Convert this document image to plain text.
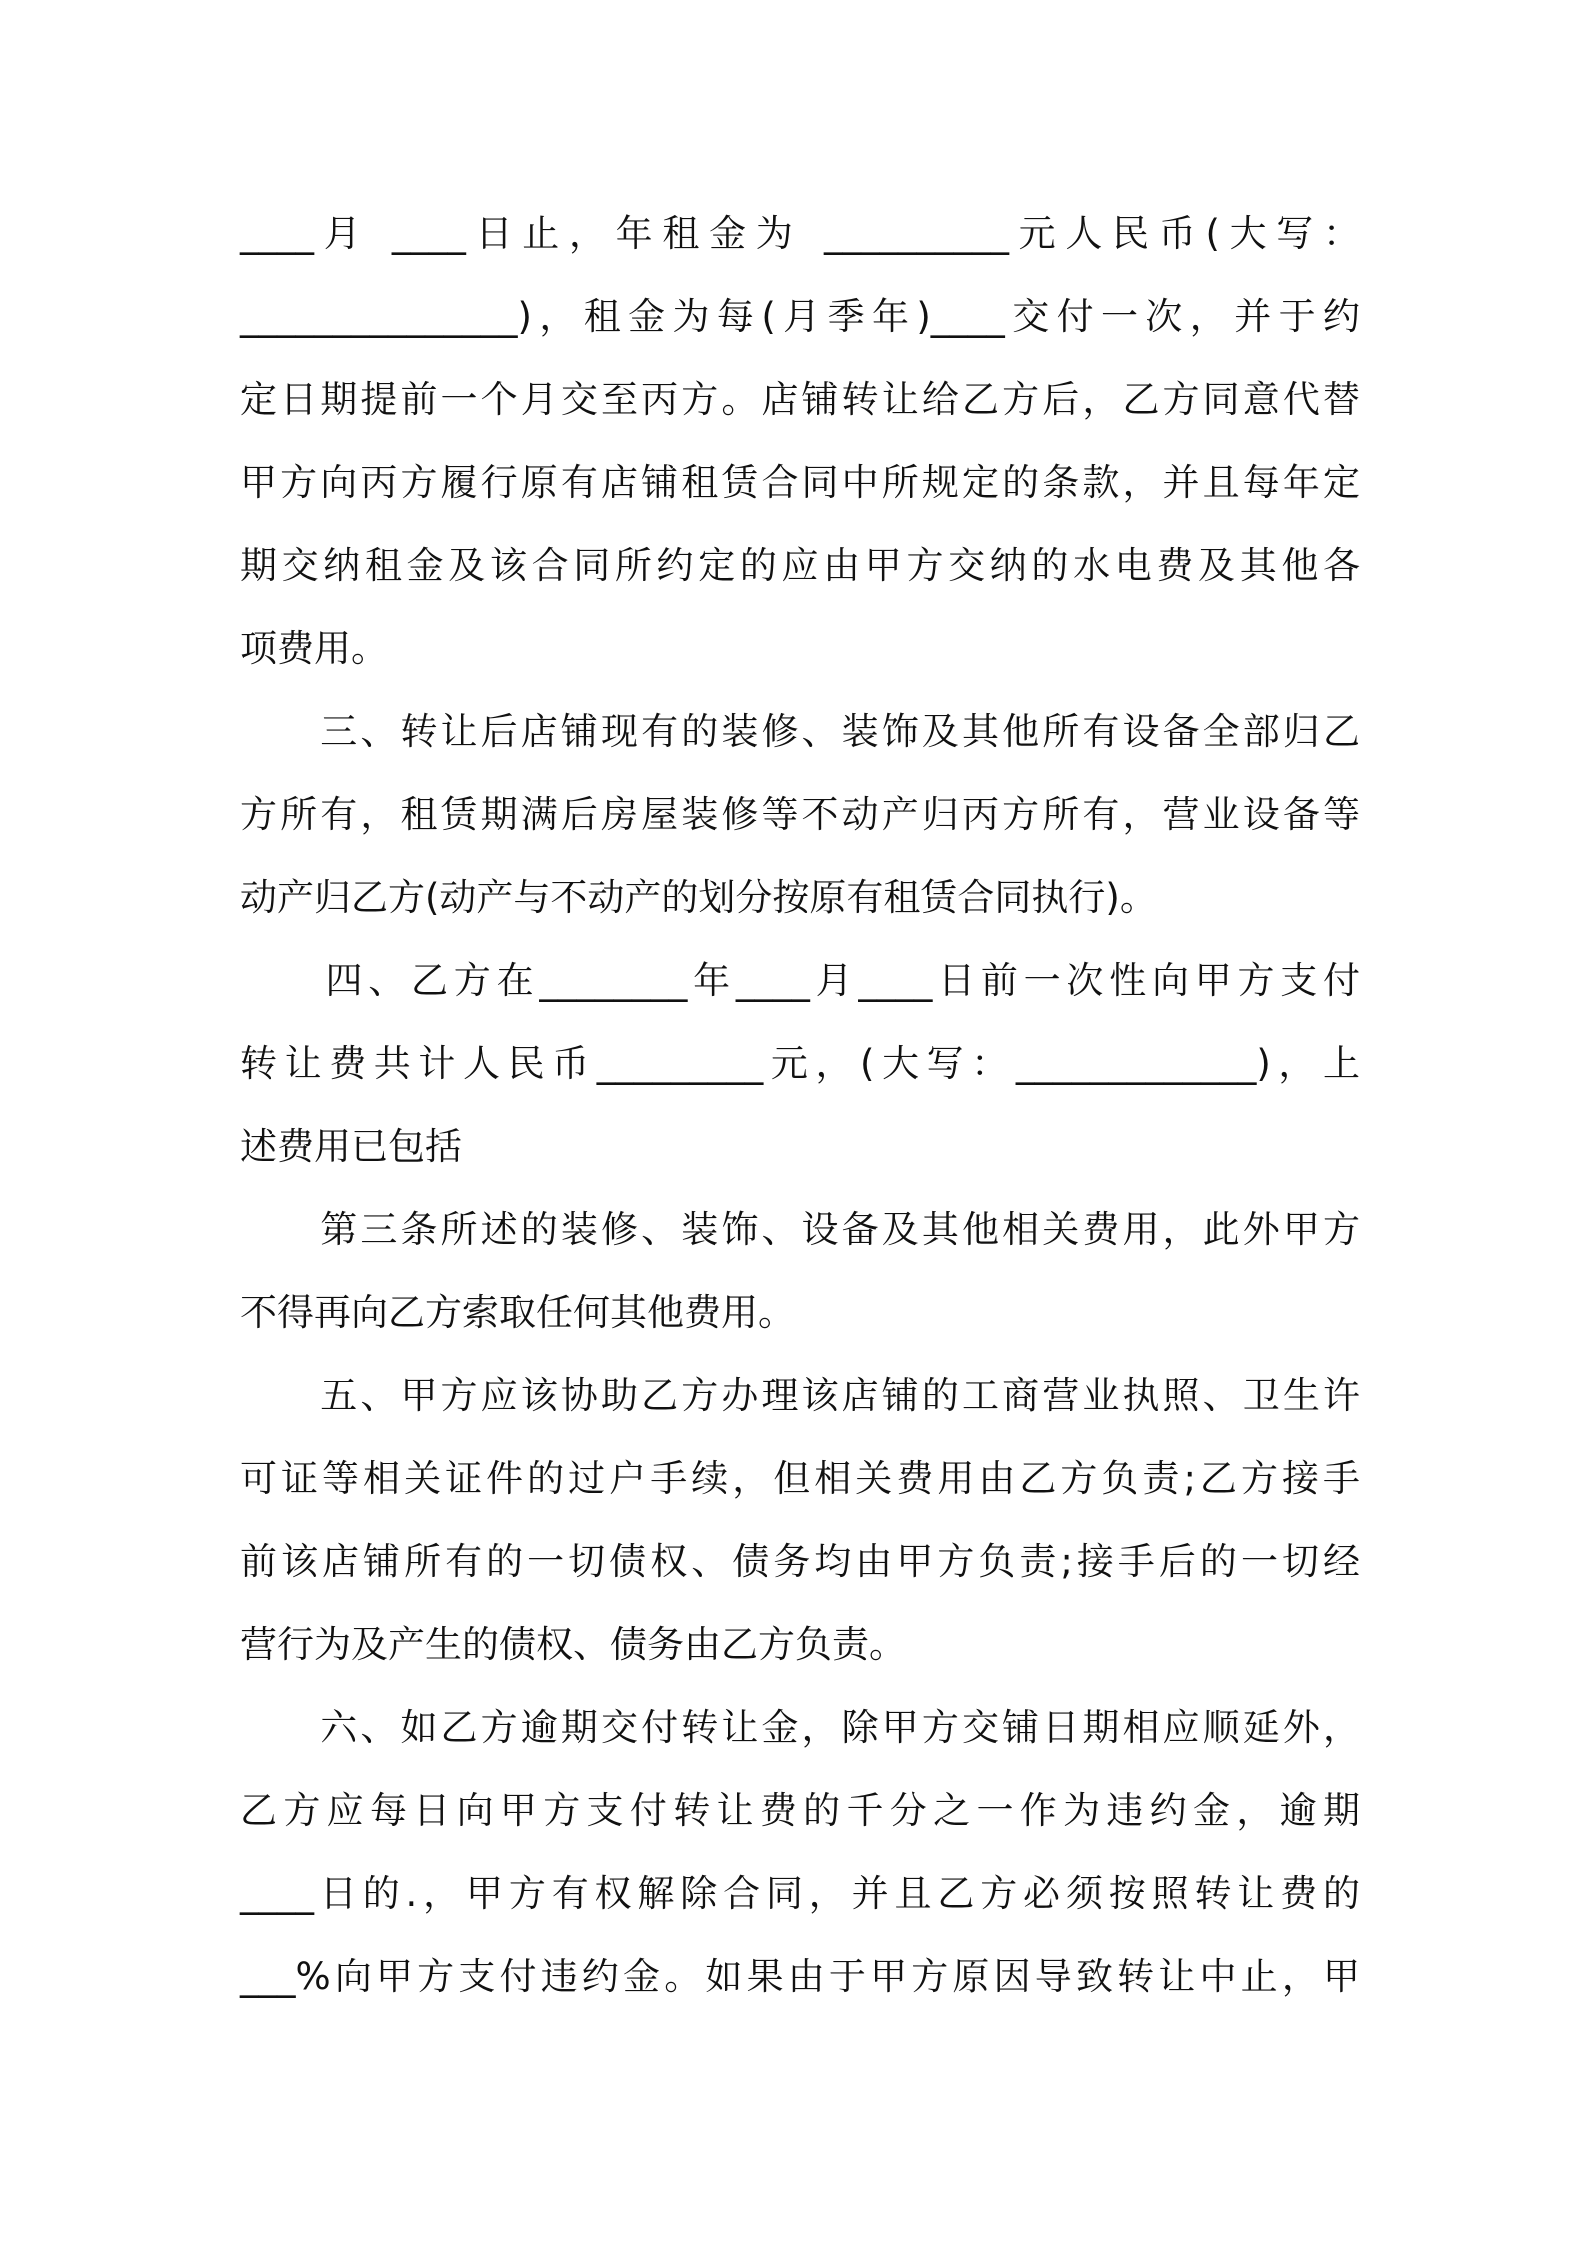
____月 ____日止，年租金为 __________元人民币(大写：
_______________)，租金为每(月季年)____交付一次，并于约
定日期提前一个月交至丙方。店铺转让给乙方后，乙方同意代替
甲方向丙方履行原有店铺租赁合同中所规定的条款，并且每年定
期交纳租金及该合同所约定的应由甲方交纳的水电费及其他各
项费用。
　　三、转让后店铺现有的装修、装饰及其他所有设备全部归乙
方所有，租赁期满后房屋装修等不动产归丙方所有，营业设备等
动产归乙方(动产与不动产的划分按原有租赁合同执行)。
　　四、乙方在________年____月____日前一次性向甲方支付
转让费共计人民币_________元，(大写：_____________)，上
述费用已包括
　　第三条所述的装修、装饰、设备及其他相关费用，此外甲方
不得再向乙方索取任何其他费用。
　　五、甲方应该协助乙方办理该店铺的工商营业执照、卫生许
可证等相关证件的过户手续，但相关费用由乙方负责;乙方接手
前该店铺所有的一切债权、债务均由甲方负责;接手后的一切经
营行为及产生的债权、债务由乙方负责。
　　六、如乙方逾期交付转让金，除甲方交铺日期相应顺延外，
乙方应每日向甲方支付转让费的千分之一作为违约金，逾期
____日的.，甲方有权解除合同，并且乙方必须按照转让费的
___%向甲方支付违约金。如果由于甲方原因导致转让中止，甲
